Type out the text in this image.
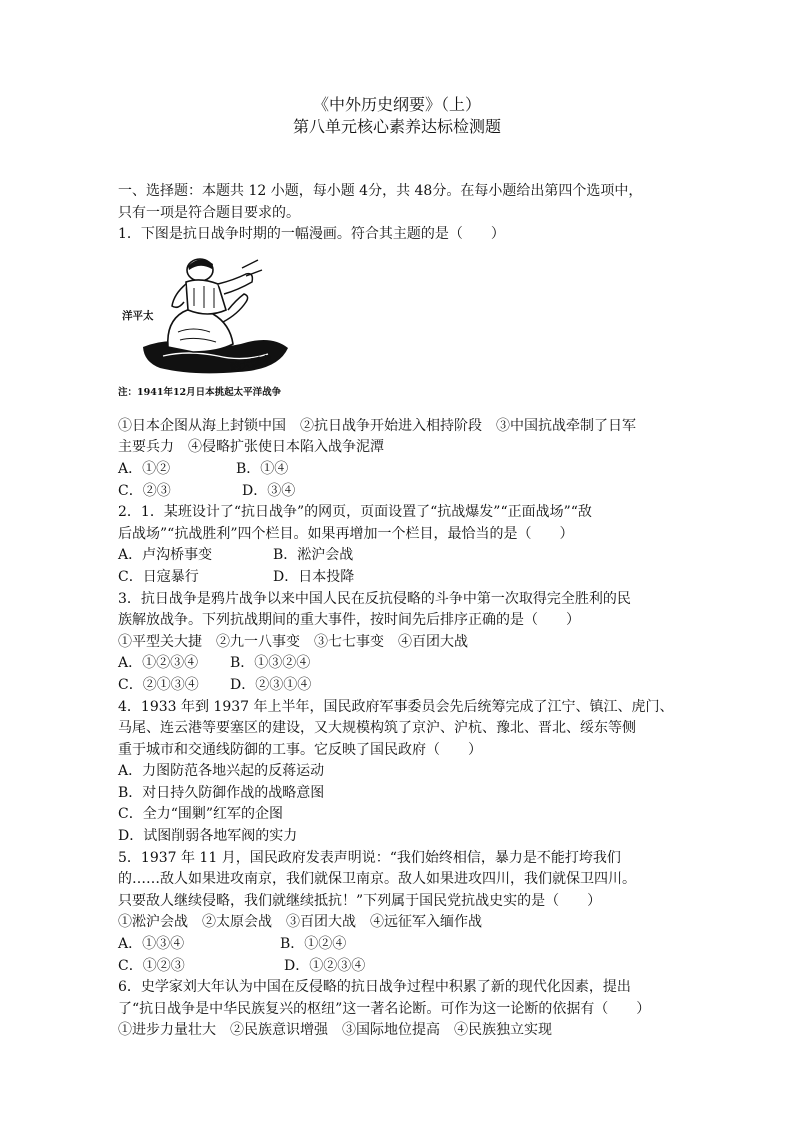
《中外历史纲要》（上）
第八单元核心素养达标检测题
一、选择题：本题共 12 小题，每小题 4分，共 48分。在每小题给出第四个选项中，
只有一项是符合题目要求的。
1．下图是抗日战争时期的一幅漫画。符合其主题的是（　　）
洋平太
陆大国中
注：1941年12月日本挑起太平洋战争
①日本企图从海上封锁中国　②抗日战争开始进入相持阶段　③中国抗战牵制了日军
主要兵力　④侵略扩张使日本陷入战争泥潭
A．①②	B．①④
C．②③	D．③④
2．1．某班设计了“抗日战争”的网页，页面设置了“抗战爆发”“正面战场”“敌
后战场”“抗战胜利”四个栏目。如果再增加一个栏目，最恰当的是（　　）
A．卢沟桥事变	B．淞沪会战
C．日寇暴行	D．日本投降
3．抗日战争是鸦片战争以来中国人民在反抗侵略的斗争中第一次取得完全胜利的民
族解放战争。下列抗战期间的重大事件，按时间先后排序正确的是（　　）
①平型关大捷　②九一八事变　③七七事变　④百团大战
A．①②③④	B．①③②④
C．②①③④	D．②③①④
4．1933 年到 1937 年上半年，国民政府军事委员会先后统筹完成了江宁、镇江、虎门、
马尾、连云港等要塞区的建设，又大规模构筑了京沪、沪杭、豫北、晋北、绥东等侧
重于城市和交通线防御的工事。它反映了国民政府（　　）
A．力图防范各地兴起的反蒋运动
B．对日持久防御作战的战略意图
C．全力“围剿”红军的企图
D．试图削弱各地军阀的实力
5．1937 年 11 月，国民政府发表声明说：“我们始终相信，暴力是不能打垮我们
的……敌人如果进攻南京，我们就保卫南京。敌人如果进攻四川，我们就保卫四川。
只要敌人继续侵略，我们就继续抵抗！”下列属于国民党抗战史实的是（　　）
①淞沪会战　②太原会战　③百团大战　④远征军入缅作战
A．①③④	B．①②④
C．①②③	D．①②③④
6．史学家刘大年认为中国在反侵略的抗日战争过程中积累了新的现代化因素，提出
了“抗日战争是中华民族复兴的枢纽”这一著名论断。可作为这一论断的依据有（　　）
①进步力量壮大　②民族意识增强　③国际地位提高　④民族独立实现
